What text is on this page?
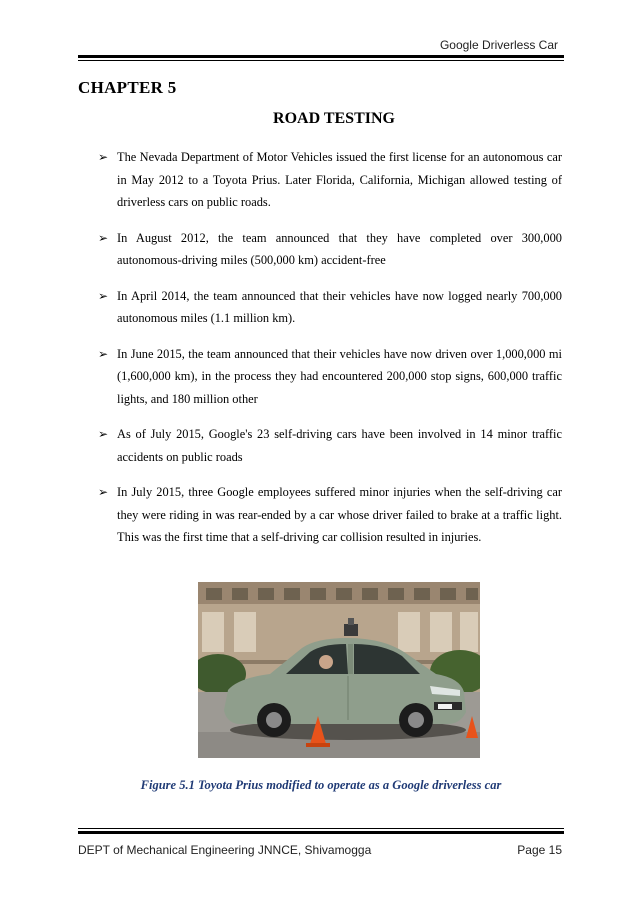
Google Driverless Car
CHAPTER 5
ROAD TESTING
➢ The Nevada Department of Motor Vehicles issued the first license for an autonomous car in May 2012 to a Toyota Prius. Later Florida, California, Michigan allowed testing of driverless cars on public roads.
➢ In August 2012, the team announced that they have completed over 300,000 autonomous-driving miles (500,000 km) accident-free
➢ In April 2014, the team announced that their vehicles have now logged nearly 700,000 autonomous miles (1.1 million km).
➢ In June 2015, the team announced that their vehicles have now driven over 1,000,000 mi (1,600,000 km), in the process they had encountered 200,000 stop signs, 600,000 traffic lights, and 180 million other
➢ As of July 2015, Google's 23 self-driving cars have been involved in 14 minor traffic accidents on public roads
➢ In July 2015, three Google employees suffered minor injuries when the self-driving car they were riding in was rear-ended by a car whose driver failed to brake at a traffic light. This was the first time that a self-driving car collision resulted in injuries.
Figure 5.1 Toyota Prius modified to operate as a Google driverless car
DEPT of Mechanical Engineering JNNCE, Shivamogga	Page 15
